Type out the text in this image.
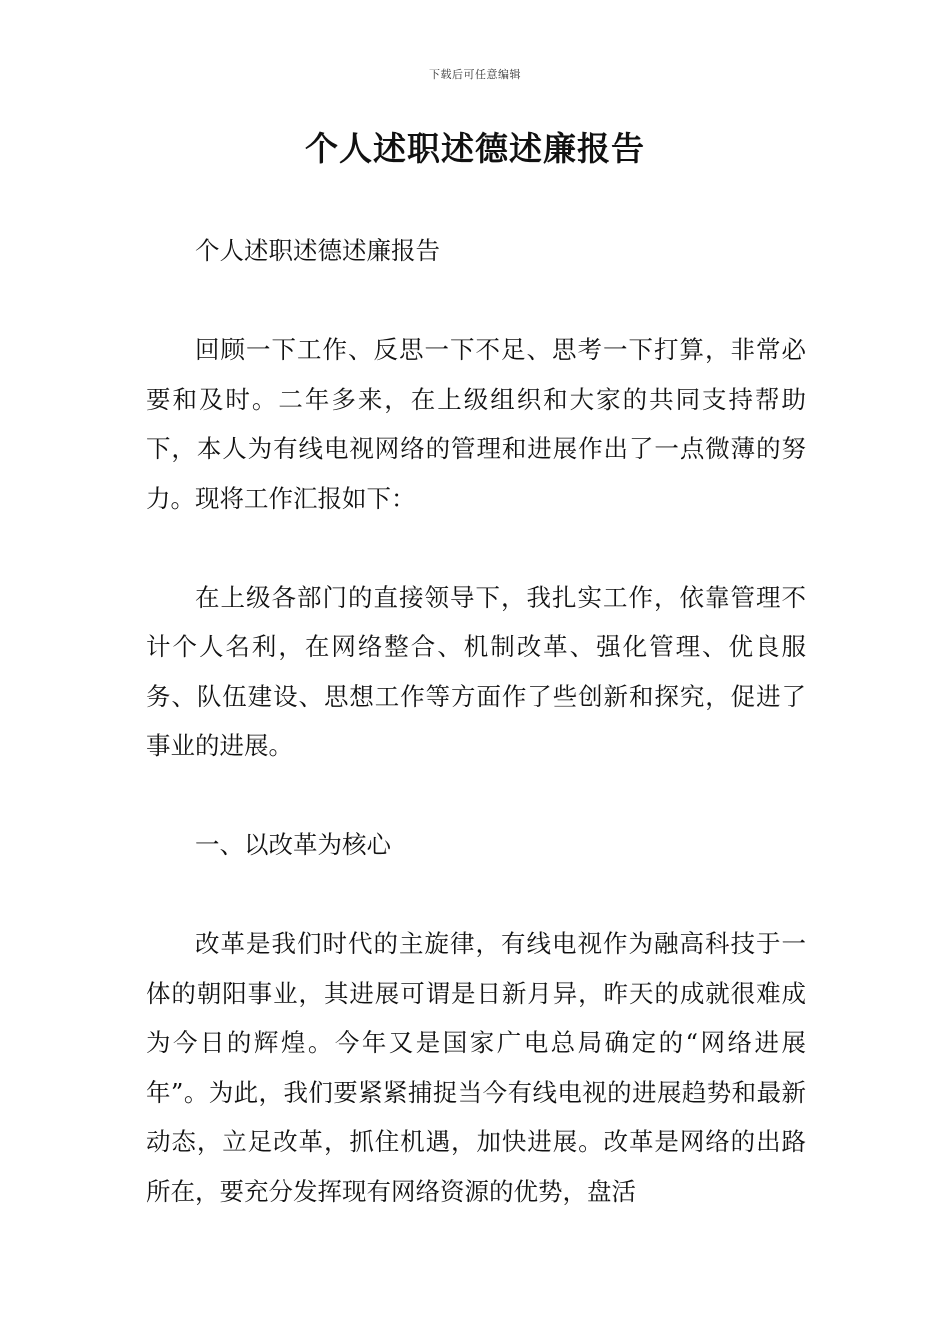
下载后可任意编辑
个人述职述德述廉报告

个人述职述德述廉报告

回顾一下工作、反思一下不足、思考一下打算，非常必要和及时。二年多来，在上级组织和大家的共同支持帮助下，本人为有线电视网络的管理和进展作出了一点微薄的努力。现将工作汇报如下：

在上级各部门的直接领导下，我扎实工作，依靠管理不计个人名利，在网络整合、机制改革、强化管理、优良服务、队伍建设、思想工作等方面作了些创新和探究，促进了事业的进展。

一、以改革为核心

改革是我们时代的主旋律，有线电视作为融高科技于一体的朝阳事业，其进展可谓是日新月异，昨天的成就很难成为今日的辉煌。今年又是国家广电总局确定的“网络进展年”。为此，我们要紧紧捕捉当今有线电视的进展趋势和最新动态，立足改革，抓住机遇，加快进展。改革是网络的出路所在，要充分发挥现有网络资源的优势，盘活
